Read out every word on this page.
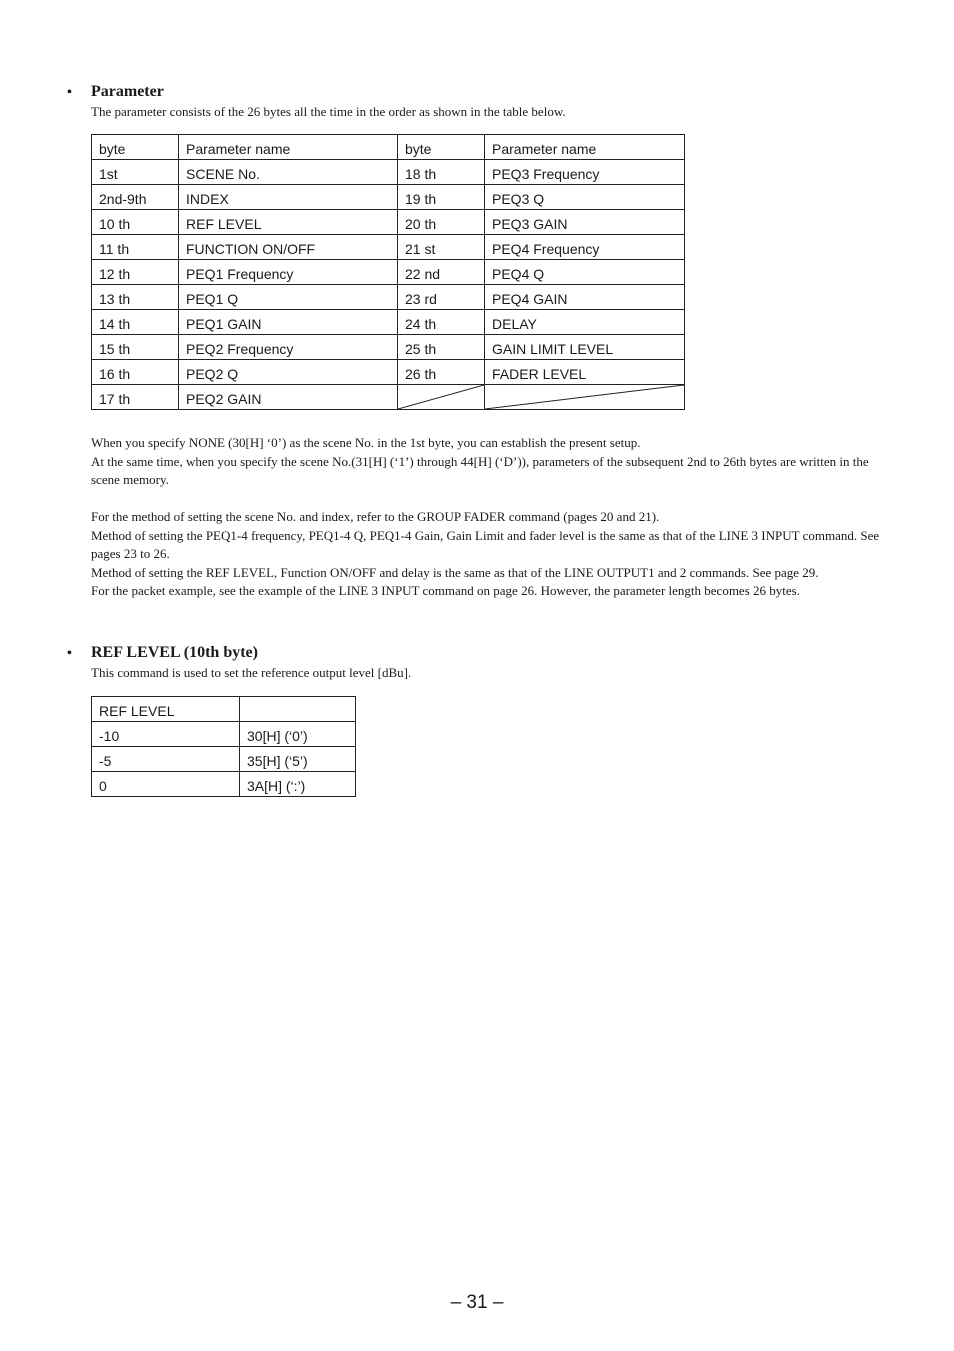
•	Parameter
The parameter consists of the 26 bytes all the time in the order as shown in the table below.
byte	Parameter name	byte	Parameter name
1st	SCENE No.	18 th	PEQ3 Frequency
2nd-9th	INDEX	19 th	PEQ3 Q
10 th	REF LEVEL	20 th	PEQ3 GAIN
11 th	FUNCTION ON/OFF	21 st	PEQ4 Frequency
12 th	PEQ1 Frequency	22 nd	PEQ4 Q
13 th	PEQ1 Q	23 rd	PEQ4 GAIN
14 th	PEQ1 GAIN	24 th	DELAY
15 th	PEQ2 Frequency	25 th	GAIN LIMIT LEVEL
16 th	PEQ2 Q	26 th	FADER LEVEL
17 th	PEQ2 GAIN	

When you specify NONE (30[H] ‘0’) as the scene No. in the 1st byte, you can establish the present setup.

At the same time, when you specify the scene No.(31[H] (‘1’) through 44[H] (‘D’)), parameters of the subsequent 2nd to 26th bytes are written in the scene memory.

For the method of setting the scene No. and index, refer to the GROUP FADER command (pages 20 and 21).

Method of setting the PEQ1-4 frequency, PEQ1-4 Q, PEQ1-4 Gain, Gain Limit and fader level is the same as that of the LINE 3 INPUT command. See pages 23 to 26.

Method of setting the REF LEVEL, Function ON/OFF and delay is the same as that of the LINE OUTPUT1 and 2 commands. See page 29.

For the packet example, see the example of the LINE 3 INPUT command on page 26. However, the parameter length becomes 26 bytes.

•	REF LEVEL (10th byte)
This command is used to set the reference output level [dBu].
REF LEVEL	
-10	30[H] (‘0’)
-5	35[H] (‘5’)
0	3A[H] (‘:’)
– 31 –
